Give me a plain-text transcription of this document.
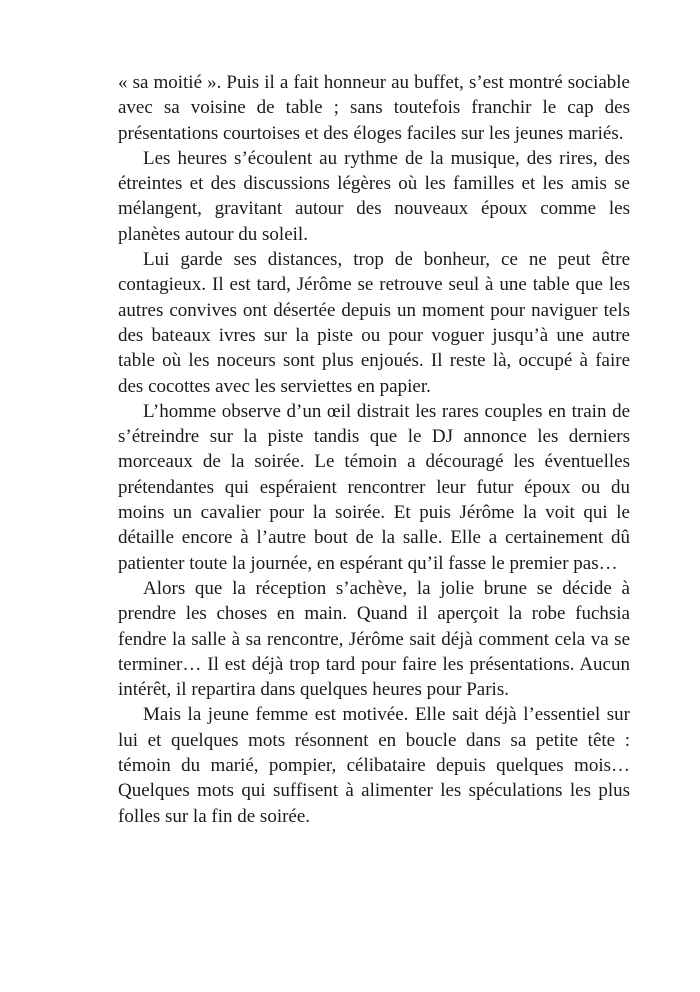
« sa moitié ». Puis il a fait honneur au buffet, s’est montré sociable avec sa voisine de table ; sans toutefois franchir le cap des présentations courtoises et des éloges faciles sur les jeunes mariés.

Les heures s’écoulent au rythme de la musique, des rires, des étreintes et des discussions légères où les familles et les amis se mélangent, gravitant autour des nouveaux époux comme les planètes autour du soleil.

Lui garde ses distances, trop de bonheur, ce ne peut être contagieux. Il est tard, Jérôme se retrouve seul à une table que les autres convives ont désertée depuis un moment pour naviguer tels des bateaux ivres sur la piste ou pour voguer jusqu’à une autre table où les noceurs sont plus enjoués. Il reste là, occupé à faire des cocottes avec les serviettes en papier.

L’homme observe d’un œil distrait les rares couples en train de s’étreindre sur la piste tandis que le DJ annonce les derniers morceaux de la soirée. Le témoin a découragé les éventuelles prétendantes qui espéraient rencontrer leur futur époux ou du moins un cavalier pour la soirée. Et puis Jérôme la voit qui le détaille encore à l’autre bout de la salle. Elle a certainement dû patienter toute la journée, en espérant qu’il fasse le premier pas…

Alors que la réception s’achève, la jolie brune se décide à prendre les choses en main. Quand il aperçoit la robe fuchsia fendre la salle à sa rencontre, Jérôme sait déjà comment cela va se terminer… Il est déjà trop tard pour faire les présentations. Aucun intérêt, il repartira dans quelques heures pour Paris.

Mais la jeune femme est motivée. Elle sait déjà l’essentiel sur lui et quelques mots résonnent en boucle dans sa petite tête : témoin du marié, pompier, célibataire depuis quelques mois… Quelques mots qui suffisent à alimenter les spéculations les plus folles sur la fin de soirée.
